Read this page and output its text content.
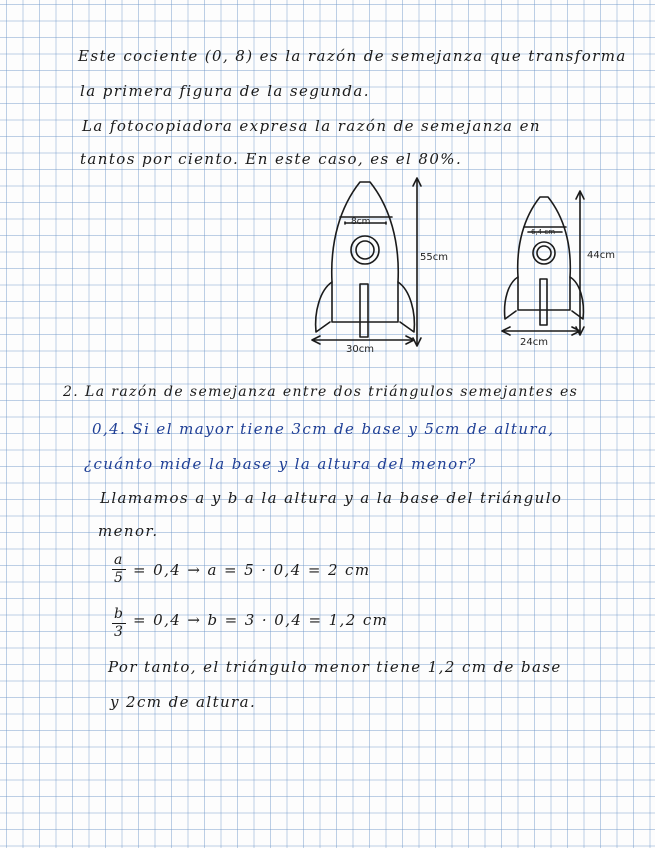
Este cociente (0, 8) es la razón de semejanza que transforma
la primera figura de la segunda.
La fotocopiadora expresa la razón de semejanza en
tantos por ciento. En este caso, es el 80%.
8cm
55cm
30cm
6,4 cm
44cm
24cm
2. La razón de semejanza entre dos triángulos semejantes es
0,4. Si el mayor tiene 3cm de base y 5cm de altura,
¿cuánto mide la base y la altura del menor?
Llamamos a y b a la altura y a la base del triángulo
menor.
a
5 = 0,4 → a = 5 · 0,4 = 2 cm
b
3
= 0,4 → b = 3 · 0,4 = 1,2 cm
Por tanto, el triángulo menor tiene 1,2 cm de base
y 2cm de altura.
